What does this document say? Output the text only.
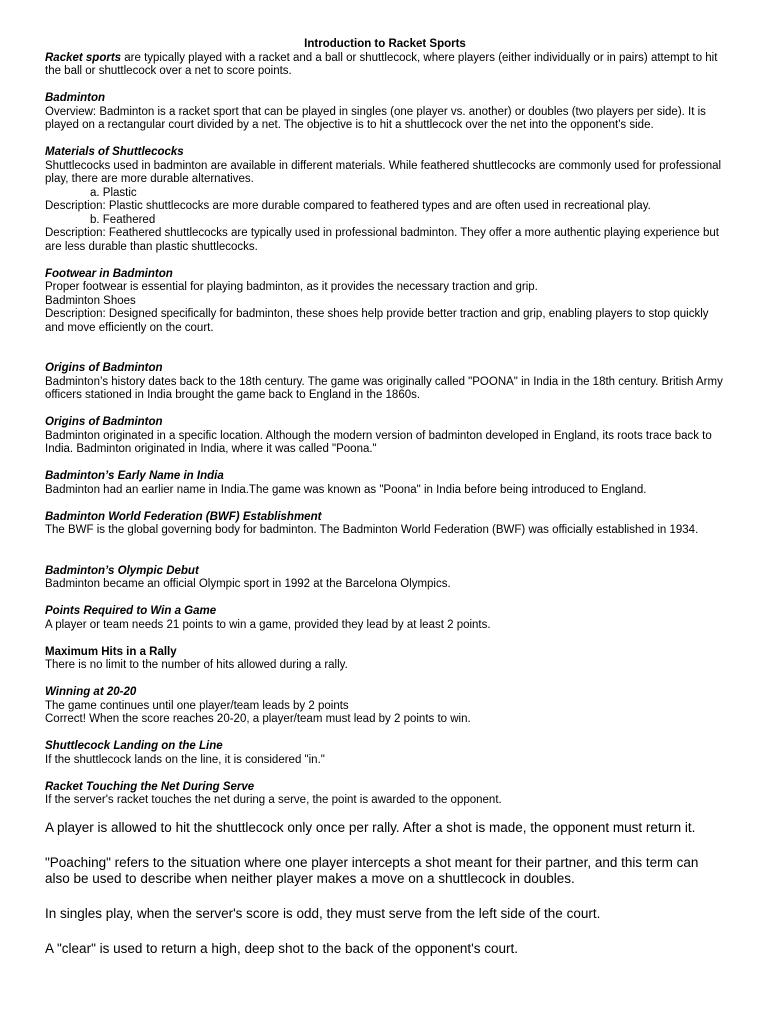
Introduction to Racket Sports

Racket sports are typically played with a racket and a ball or shuttlecock, where players (either individually or in pairs) attempt to hit the ball or shuttlecock over a net to score points.

Badminton

Overview: Badminton is a racket sport that can be played in singles (one player vs. another) or doubles (two players per side). It is played on a rectangular court divided by a net. The objective is to hit a shuttlecock over the net into the opponent's side.

Materials of Shuttlecocks

Shuttlecocks used in badminton are available in different materials. While feathered shuttlecocks are commonly used for professional play, there are more durable alternatives.

a. Plastic

Description: Plastic shuttlecocks are more durable compared to feathered types and are often used in recreational play.

b. Feathered

Description: Feathered shuttlecocks are typically used in professional badminton. They offer a more authentic playing experience but are less durable than plastic shuttlecocks.

Footwear in Badminton

Proper footwear is essential for playing badminton, as it provides the necessary traction and grip.

Badminton Shoes

Description: Designed specifically for badminton, these shoes help provide better traction and grip, enabling players to stop quickly and move efficiently on the court.

Origins of Badminton

Badminton’s history dates back to the 18th century. The game was originally called "POONA" in India in the 18th century. British Army officers stationed in India brought the game back to England in the 1860s.

Origins of Badminton

Badminton originated in a specific location. Although the modern version of badminton developed in England, its roots trace back to India. Badminton originated in India, where it was called "Poona."

Badminton’s Early Name in India

Badminton had an earlier name in India.The game was known as "Poona" in India before being introduced to England.

Badminton World Federation (BWF) Establishment

The BWF is the global governing body for badminton. The Badminton World Federation (BWF) was officially established in 1934.

Badminton’s Olympic Debut

Badminton became an official Olympic sport in 1992 at the Barcelona Olympics.

Points Required to Win a Game

A player or team needs 21 points to win a game, provided they lead by at least 2 points.

Maximum Hits in a Rally

There is no limit to the number of hits allowed during a rally.

Winning at 20-20

The game continues until one player/team leads by 2 points

Correct! When the score reaches 20-20, a player/team must lead by 2 points to win.

Shuttlecock Landing on the Line

If the shuttlecock lands on the line, it is considered "in."

Racket Touching the Net During Serve

If the server's racket touches the net during a serve, the point is awarded to the opponent.

A player is allowed to hit the shuttlecock only once per rally. After a shot is made, the opponent must return it.

"Poaching" refers to the situation where one player intercepts a shot meant for their partner, and this term can also be used to describe when neither player makes a move on a shuttlecock in doubles.

In singles play, when the server's score is odd, they must serve from the left side of the court.

A "clear" is used to return a high, deep shot to the back of the opponent's court.
